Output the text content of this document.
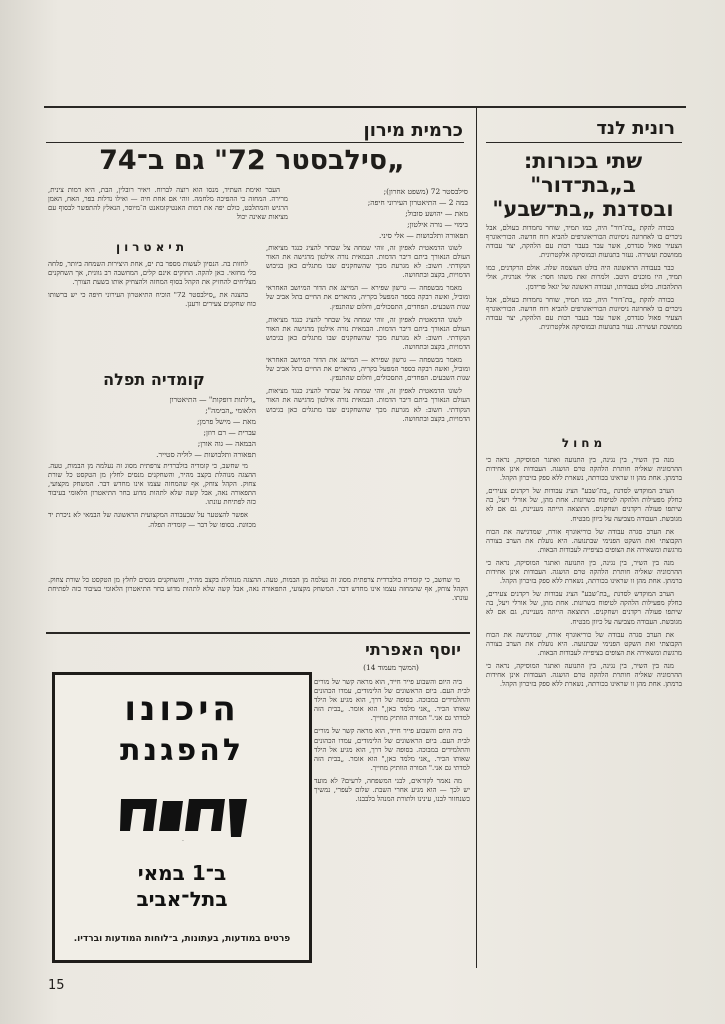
כרמית מירון
„סילבסטר 72" גם ב־74
סילבסטר 72 (משפט אחרון);
במה 2 — התיאטרון העירוני חיפה;
מאת — יהושע סובול;
בימוי — נורה אילטון;
תפאורה ותלבושות — אלי סיני.

העבר ואימת העתיד, מנסו הוא רוצה לברוח. ויאיר רובלין, הבת, היא דמות צינית, מרירה. המחזה כי ההפיכה מלחמה. זוהי אם אחת חיה — ואילו נדלות בפר, האח, האמן הרגיש והמתלבט, כולם יפה את דמות האנטיקומאנט ה־מיוסר, הנאלץ להתפשר לבסוף עם מציאות שאינה יכול

לשונו הדמאטית לאפיון זה, זוהי שמחה צל שבחר להציג כנגד מציאות, העולם הנאורך ביתם דיבר הדמות. הבמאית נורה אילטון מדגישה את האור הנקודתי. חשוב: לא מגרעת מכך שהשחקנים שבו מתגלים כאן בגיבוש הדמויות, בקצב ובתחושה.

מאמר מבשפחה — גרשון שפירא — המייצג את הדור המיושב האחראי ומוביל, ואשה רבקה בספר המפעל בקריה, מתארים את החיים בתל אביב של שנות השבעים. הפחדים, התסכולים, וחלום שהתנפץ.

לשונו הדמאטית לאפיון זה, זוהי שמחה צל שבחר להציג כנגד מציאות, העולם הנאורך ביתם דיבר הדמות. הבמאית נורה אילטון מדגישה את האור הנקודתי. חשוב: לא מגרעת מכך שהשחקנים שבו מתגלים כאן בגיבוש הדמויות, בקצב ובתחושה.

מאמר מבשפחה — גרשון שפירא — המייצג את הדור המיושב האחראי ומוביל, ואשה רבקה בספר המפעל בקריה, מתארים את החיים בתל אביב של שנות השבעים. הפחדים, התסכולים, וחלום שהתנפץ.

לשונו הדמאטית לאפיון זה, זוהי שמחה צל שבחר להציג כנגד מציאות, העולם הנאורך ביתם דיבר הדמות. הבמאית נורה אילטון מדגישה את האור הנקודתי. חשוב: לא מגרעת מכך שהשחקנים שבו מתגלים כאן בגיבוש הדמויות, בקצב ובתחושה.

תיאטרון

לחזות בה. הנסיון לעשות מספר בת ים, אחת היצירות השמחה ביותר, פלחה בלי מחזאי. כאן להקה. החוקים אינם קלים, המחשבה רב גוונית, אך השחקנים מצליחים להחזיק את הקהל בסוף המחזה ולהצחיק אותו בשעת הצורך.

בהצגה את „סילבסטר 72" הוכיח התיאטרון העירוני חיפה כי יש ברשותו כוח שחקנים צעירים ורענן.

קומדיה תפלה
„דלתות דופקות" — התיאטרון
הלאומי „הבימה";
מאת — מישל פרמן;
עברית — רם רוזן;
הבמאה — גוה אורן;
תפאורה ותלבושות — לוליה סטייר.

מי שחשב, כי קומדיה בולברדית צרפתית מסוג זה נעלמה מן הבמות, טעה. ההצגה מנוהלת בקצב מהיר, והשחקנים מנסים לחלץ מן הטקסט כל שורת צחוק. הקהל צוחק, אף שהמחזה עצמו אינו מחדש דבר. המשחק מקצועי, התפאורה נאה, אבל קשה שלא לתהות מדוע בחר התיאטרון הלאומי בעיבוד כזה לפתיחת עונתו.

אפשר להצטער על שבעבודה המקצועית הראשונה של הבמאי לא ניכרת יד מכוונת. בסופו של דבר — קומדיה תפלה.

מי שחשב, כי קומדיה בולברדית צרפתית מסוג זה נעלמה מן הבמות, טעה. ההצגה מנוהלת בקצב מהיר, והשחקנים מנסים לחלץ מן הטקסט כל שורת צחוק. הקהל צוחק, אף שהמחזה עצמו אינו מחדש דבר. המשחק מקצועי, התפאורה נאה, אבל קשה שלא לתהות מדוע בחר התיאטרון הלאומי בעיבוד כזה לפתיחת עונתו.

יוסף האפרתי
(המשך מעמוד 14)

ביה היום והשבוע פייר חייד, הוא מראה קשר של מורים לבית העם. ביום הראשונים של הלימודים, עמדו הכהונים והתלמידים במבוכה. בסופה של דרך, הוא מגיע אל הילד שאותו הכיר. „אני מלמד כאן," הוא אומר. „בבית הזה למדתי גם אני." המורה הוותיק מחייך.

ביה היום והשבוע פייר חייד, הוא מראה קשר של מורים לבית העם. ביום הראשונים של הלימודים, עמדו הכהונים והתלמידים במבוכה. בסופה של דרך, הוא מגיע אל הילד שאותו הכיר. „אני מלמד כאן," הוא אומר. „בבית הזה למדתי גם אני." המורה הוותיק מחייך.

מה נאמר לקוראים, לבני המשפחה, לרעים? לא מועד יש לכך — הוא מגיע אחרי השבת. שלום לעפרי, נמשיך כשנחזור לבנו, עינינו ולתורת המנהל בלבבנו.

היכונו
להפגנת
מוקד
ב־1 במאי
בתל־אביב
פרטים במודעות, בעתונות, ב־לוחות המודעות וברדיו.
רונית לנד
שתי בכורות:
ב„בת־דור"
ובסדנת „בת־שבע"

בכורה להקת „בת־דור" היה, כמו תמיד, שוחר נחמדות בעולם, אבל ניכרים בו לאחרונה ניסיונות הכוריאוגרפים להביא רוח חדשה. הכוריאוגרף הצעיר פאול סנדרס, אשר עבר בעבר רבות עם הלהקה, יצר עבודה ממושכת ועשירה. נעזר בתנועות ובמוסיקה אלקטרונית.

כבר בעבודה הראשונה היה בולט העוצמה שלה. אולם הרקדנים, כמו תמיד, היו מוכנים היטב. ולמרות זאת משהו חסר: אולי אנרגיה, אולי התלהבות. בולט בעבודתו, ועבודה ראשונה של יגאל פרידמן.

בכורה להקת „בת־דור" היה, כמו תמיד, שוחר נחמדות בעולם, אבל ניכרים בו לאחרונה ניסיונות הכוריאוגרפים להביא רוח חדשה. הכוריאוגרף הצעיר פאול סנדרס, אשר עבר בעבר רבות עם הלהקה, יצר עבודה ממושכת ועשירה. נעזר בתנועות ובמוסיקה אלקטרונית.

מחול

מנה בין השיר, בין נגינה, בין התנועה ואתגר המוסיקה, נראה כי ההרמוניה שאליה חותרת הלהקה טרם הושגה. העבודות אינן אחידות ברמתן. אחת מהן זו שראינו בכורתה, נשארת ללא ספק בזיכרון הקהל.

הערב המוקדש לסדנת „בת־שבע" הציג עבודות של רקדנים צעירים, כחלק מפעילות הלהקה לטיפוח כשרונות. אחת מהן, של אורלי ויעל, בה שיתפו פעולה רקדנים ושחקנים. התוצאה הייתה מעניינת, גם אם לא מגובשת. העבודה מצביעה על כיוון מבטיח.

את הערב סגרה עבודה של כוריאוגרף אורח, שמדגישה את הכוח הקבוצתי ואת השקט הפנימי שבתנועה. היא נועלת את הערב בצורה מרגשת ומשאירה את הצופים בציפייה לעבודות הבאות.

מנה בין השיר, בין נגינה, בין התנועה ואתגר המוסיקה, נראה כי ההרמוניה שאליה חותרת הלהקה טרם הושגה. העבודות אינן אחידות ברמתן. אחת מהן זו שראינו בכורתה, נשארת ללא ספק בזיכרון הקהל.

הערב המוקדש לסדנת „בת־שבע" הציג עבודות של רקדנים צעירים, כחלק מפעילות הלהקה לטיפוח כשרונות. אחת מהן, של אורלי ויעל, בה שיתפו פעולה רקדנים ושחקנים. התוצאה הייתה מעניינת, גם אם לא מגובשת. העבודה מצביעה על כיוון מבטיח.

את הערב סגרה עבודה של כוריאוגרף אורח, שמדגישה את הכוח הקבוצתי ואת השקט הפנימי שבתנועה. היא נועלת את הערב בצורה מרגשת ומשאירה את הצופים בציפייה לעבודות הבאות.

מנה בין השיר, בין נגינה, בין התנועה ואתגר המוסיקה, נראה כי ההרמוניה שאליה חותרת הלהקה טרם הושגה. העבודות אינן אחידות ברמתן. אחת מהן זו שראינו בכורתה, נשארת ללא ספק בזיכרון הקהל.

15
